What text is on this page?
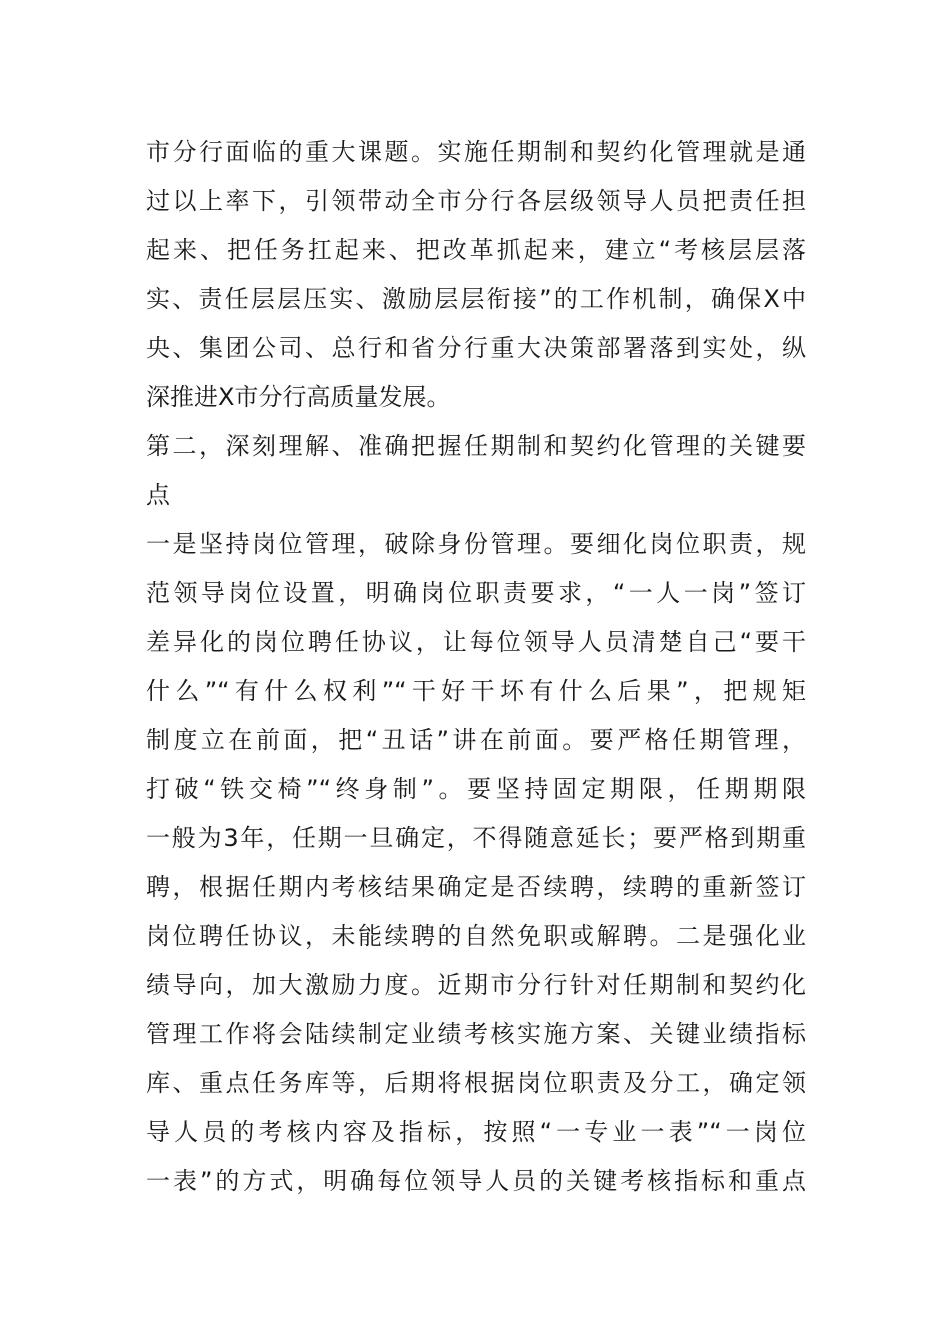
市分行面临的重大课题。实施任期制和契约化管理就是通
过以上率下，引领带动全市分行各层级领导人员把责任担
起来、把任务扛起来、把改革抓起来，建立“考核层层落
实、责任层层压实、激励层层衔接”的工作机制，确保X中
央、集团公司、总行和省分行重大决策部署落到实处，纵
深推进X市分行高质量发展。
第二，深刻理解、准确把握任期制和契约化管理的关键要
点
一是坚持岗位管理，破除身份管理。要细化岗位职责，规
范领导岗位设置，明确岗位职责要求，“一人一岗”签订
差异化的岗位聘任协议，让每位领导人员清楚自己“要干
什么”“有什么权利”“干好干坏有什么后果”，把规矩
制度立在前面，把“丑话”讲在前面。要严格任期管理，
打破“铁交椅”“终身制”。要坚持固定期限，任期期限
一般为3年，任期一旦确定，不得随意延长；要严格到期重
聘，根据任期内考核结果确定是否续聘，续聘的重新签订
岗位聘任协议，未能续聘的自然免职或解聘。二是强化业
绩导向，加大激励力度。近期市分行针对任期制和契约化
管理工作将会陆续制定业绩考核实施方案、关键业绩指标
库、重点任务库等，后期将根据岗位职责及分工，确定领
导人员的考核内容及指标，按照“一专业一表”“一岗位
一表”的方式，明确每位领导人员的关键考核指标和重点
